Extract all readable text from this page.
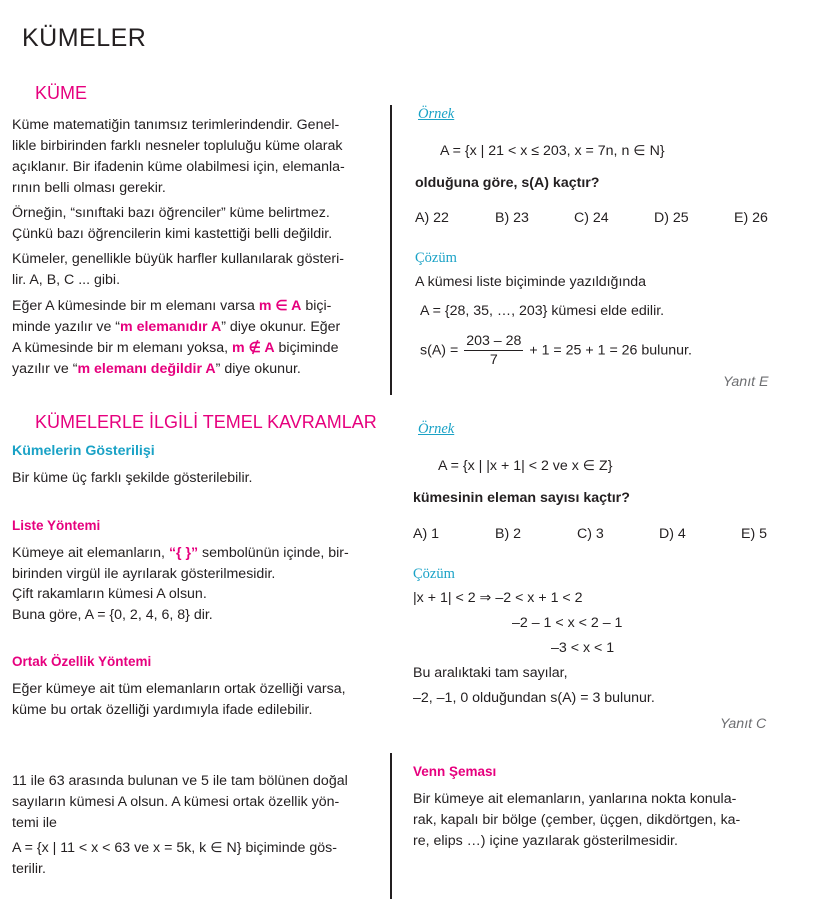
KÜMELER
KÜME
Küme matematiğin tanımsız terimlerindendir. Genel-
likle birbirinden farklı nesneler topluluğu küme olarak
açıklanır. Bir ifadenin küme olabilmesi için, elemanla-
rının belli olması gerekir.
Örneğin, “sınıftaki bazı öğrenciler” küme belirtmez.
Çünkü bazı öğrencilerin kimi kastettiği belli değildir.
Kümeler, genellikle büyük harfler kullanılarak gösteri-
lir. A, B, C ... gibi.
Eğer A kümesinde bir m elemanı varsa m ∈ A biçi-
minde yazılır ve “m elemanıdır A” diye okunur. Eğer
A kümesinde bir m elemanı yoksa, m ∉ A biçiminde
yazılır ve “m elemanı değildir A” diye okunur.
KÜMELERLE İLGİLİ TEMEL KAVRAMLAR
Kümelerin Gösterilişi
Bir küme üç farklı şekilde gösterilebilir.
Liste Yöntemi
Kümeye ait elemanların, “{ }” sembolünün içinde, bir-
birinden virgül ile ayrılarak gösterilmesidir.
Çift rakamların kümesi A olsun.
Buna göre, A = {0, 2, 4, 6, 8} dir.
Ortak Özellik Yöntemi
Eğer kümeye ait tüm elemanların ortak özelliği varsa,
küme bu ortak özelliği yardımıyla ifade edilebilir.
11 ile 63 arasında bulunan ve 5 ile tam bölünen doğal
sayıların kümesi A olsun. A kümesi ortak özellik yön-
temi ile
A = {x | 11 < x < 63 ve x = 5k, k ∈ N} biçiminde gös-
terilir.
Örnek
A = {x | 21 < x ≤ 203, x = 7n, n ∈ N}
olduğuna göre, s(A) kaçtır?
A) 22	B) 23	C) 24	D) 25	E) 26
Çözüm
A kümesi liste biçiminde yazıldığında
A = {28, 35, …, 203} kümesi elde edilir.
$s(A) = \frac{203 - 28}{7} + 1 = 25 + 1 = 26$ bulunur.
Yanıt E
Örnek
A = {x | |x + 1| < 2 ve x ∈ Z}
kümesinin eleman sayısı kaçtır?
A) 1	B) 2	C) 3	D) 4	E) 5
Çözüm
|x + 1| < 2 ⇒ –2 < x + 1 < 2
–2 – 1 < x < 2 – 1
–3 < x < 1
Bu aralıktaki tam sayılar,
–2, –1, 0 olduğundan s(A) = 3 bulunur.
Yanıt C
Venn Şeması
Bir kümeye ait elemanların, yanlarına nokta konula-
rak, kapalı bir bölge (çember, üçgen, dikdörtgen, ka-
re, elips …) içine yazılarak gösterilmesidir.
